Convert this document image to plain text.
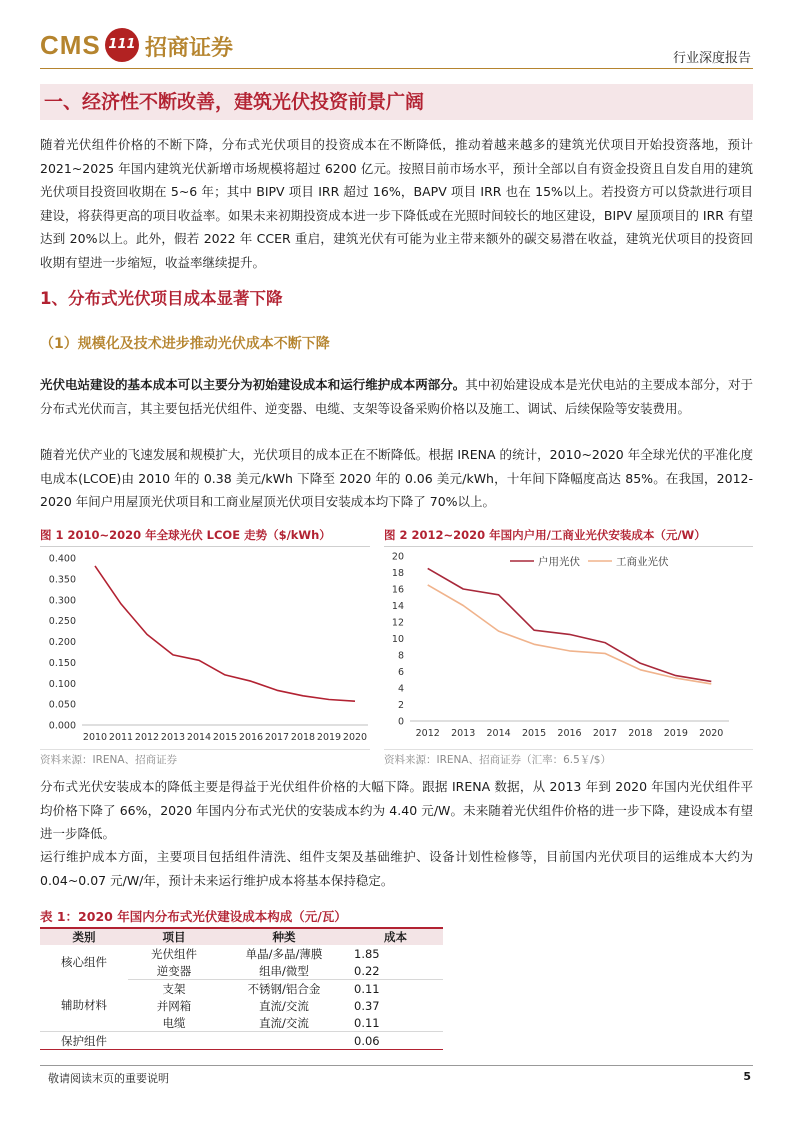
CMS 111 招商证券	行业深度报告
一、经济性不断改善，建筑光伏投资前景广阔
随着光伏组件价格的不断下降，分布式光伏项目的投资成本在不断降低，推动着越来越多的建筑光伏项目开始投资落地，预计 2021~2025 年国内建筑光伏新增市场规模将超过 6200 亿元。按照目前市场水平，预计全部以自有资金投资且自发自用的建筑光伏项目投资回收期在 5~6 年；其中 BIPV 项目 IRR 超过 16%，BAPV 项目 IRR 也在 15%以上。若投资方可以贷款进行项目建设，将获得更高的项目收益率。如果未来初期投资成本进一步下降低或在光照时间较长的地区建设，BIPV 屋顶项目的 IRR 有望达到 20%以上。此外，假若 2022 年 CCER 重启，建筑光伏有可能为业主带来额外的碳交易潜在收益，建筑光伏项目的投资回收期有望进一步缩短，收益率继续提升。
1、分布式光伏项目成本显著下降
（1）规模化及技术进步推动光伏成本不断下降
光伏电站建设的基本成本可以主要分为初始建设成本和运行维护成本两部分。其中初始建设成本是光伏电站的主要成本部分，对于分布式光伏而言，其主要包括光伏组件、逆变器、电缆、支架等设备采购价格以及施工、调试、后续保险等安装费用。
随着光伏产业的飞速发展和规模扩大，光伏项目的成本正在不断降低。根据 IRENA 的统计，2010~2020 年全球光伏的平准化度电成本(LCOE)由 2010 年的 0.38 美元/kWh 下降至 2020 年的 0.06 美元/kWh，十年间下降幅度高达 85%。在我国，2012-2020 年间户用屋顶光伏项目和工商业屋顶光伏项目安装成本均下降了 70%以上。
图 1 2010~2020 年全球光伏 LCOE 走势（$/kWh）
0.000
0.050
0.100
0.150
0.200
0.250
0.300
0.350
0.400
2010 2011 2012 2013 2014 2015 2016 2017 2018 2019 2020
资料来源：IRENA、招商证券
图 2 2012~2020 年国内户用/工商业光伏安装成本（元/W）
0
2
4
6
8
10
12
14
16
18
20
2012 2013 2014 2015 2016 2017 2018 2019 2020
户用光伏	工商业光伏
资料来源：IRENA、招商证券（汇率：6.5￥/$）
分布式光伏安装成本的降低主要是得益于光伏组件价格的大幅下降。跟据 IRENA 数据，从 2013 年到 2020 年国内光伏组件平均价格下降了 66%，2020 年国内分布式光伏的安装成本约为 4.40 元/W。未来随着光伏组件价格的进一步下降，建设成本有望进一步降低。
运行维护成本方面，主要项目包括组件清洗、组件支架及基础维护、设备计划性检修等，目前国内光伏项目的运维成本大约为 0.04~0.07 元/W/年，预计未来运行维护成本将基本保持稳定。
表 1：2020 年国内分布式光伏建设成本构成（元/瓦）
类别	项目	种类	成本
核心组件	光伏组件	单晶/多晶/薄膜	1.85
	逆变器	组串/微型	0.22
辅助材料	支架	不锈钢/铝合金	0.11
	并网箱	直流/交流	0.37
	电缆	直流/交流	0.11
保护组件			0.06
敬请阅读末页的重要说明	5
